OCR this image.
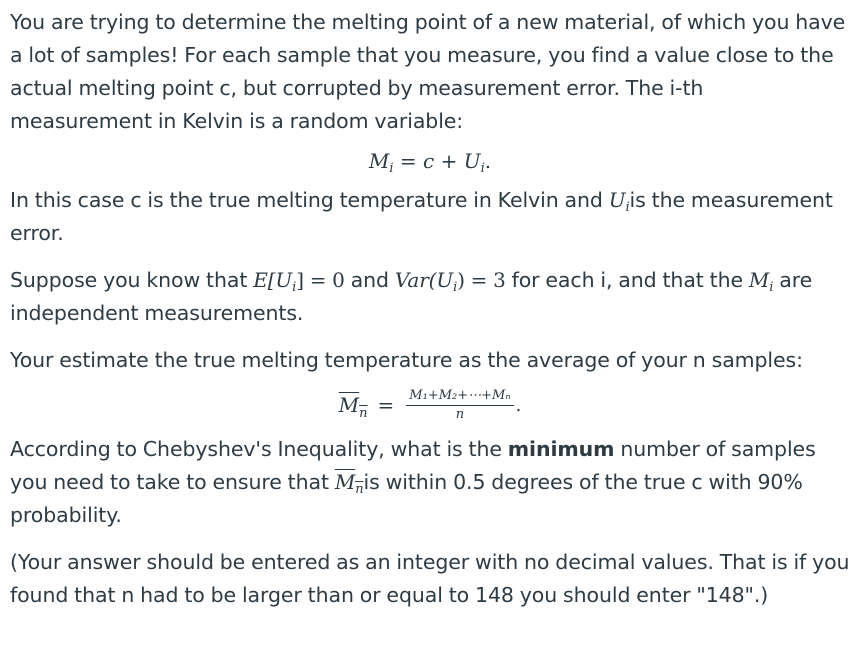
You are trying to determine the melting point of a new material, of which you have a lot of samples! For each sample that you measure, you find a value close to the actual melting point c, but corrupted by measurement error. The i-th measurement in Kelvin is a random variable:

$M_i = c + U_i$.

In this case c is the true melting temperature in Kelvin and $U_iis$ the measurement error.

Suppose you know that $E[U_i] = 0$ and $Var(U_i) = 3$ for each i, and that the $M_i$ are independent measurements.

Your estimate the true melting temperature as the average of your n samples:

$M_n = \frac{\text{M₁+M₂+⋯+Mₙ}}{n}$ .

According to Chebyshev's Inequality, what is the minimum number of samples you need to take to ensure that $M_nis$ within 0.5 degrees of the true c with 90% probability.

(Your answer should be entered as an integer with no decimal values. That is if you found that n had to be larger than or equal to 148 you should enter "148".)
